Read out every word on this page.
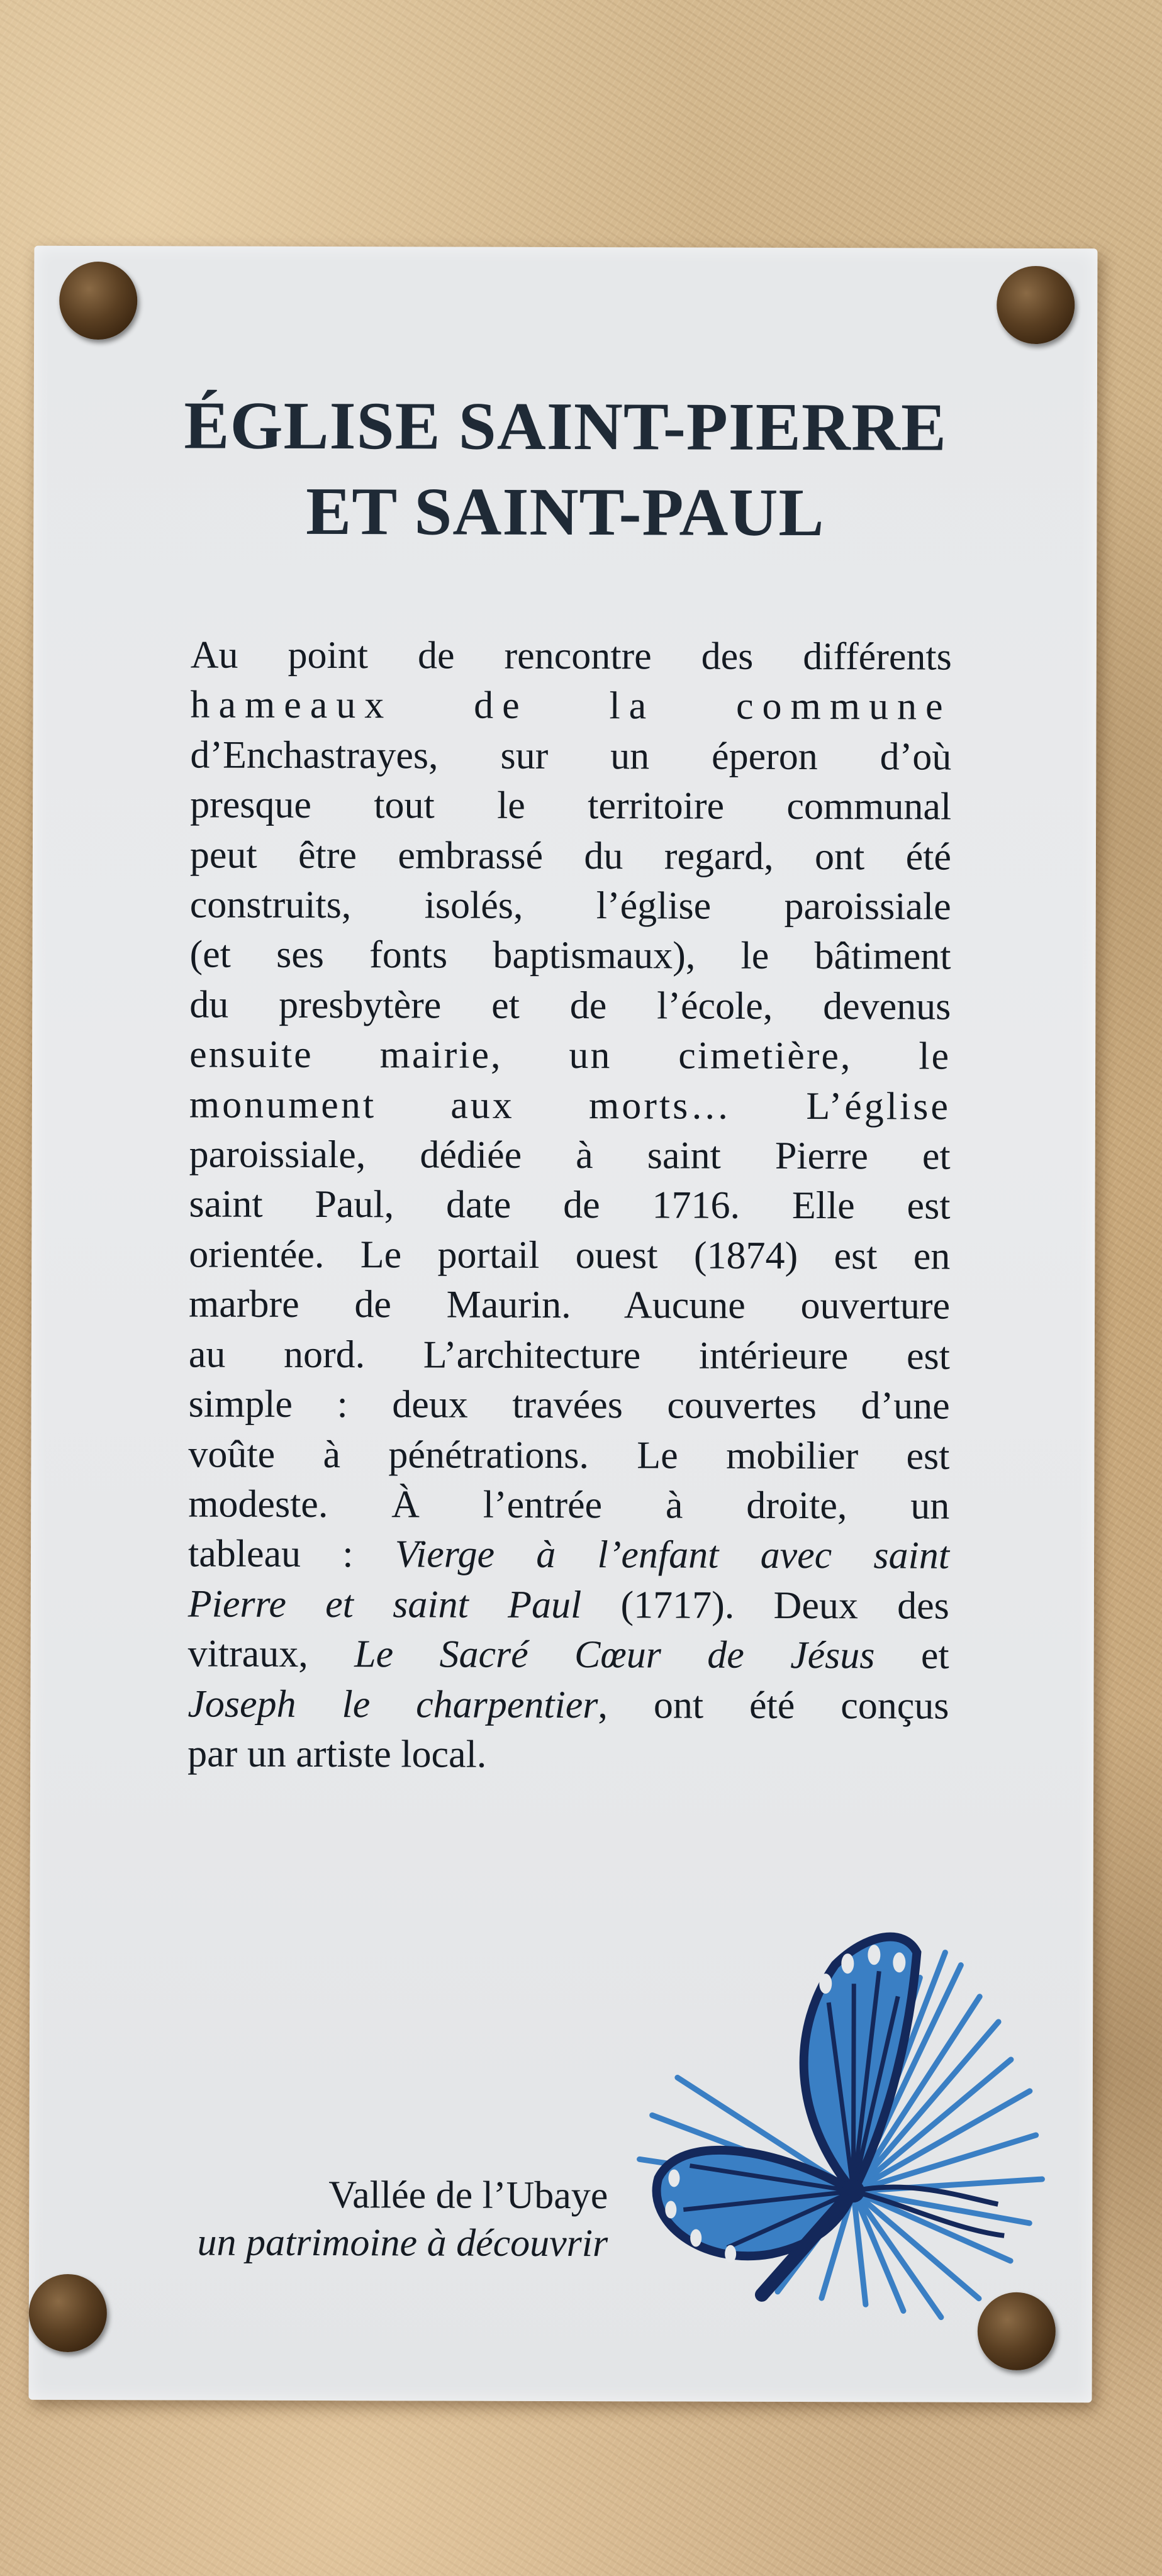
ÉGLISE SAINT-PIERRE
ET SAINT-PAUL
Au point de rencontre des différents
hameaux de la commune
d’Enchastrayes, sur un éperon d’où
presque tout le territoire communal
peut être embrassé du regard, ont été
construits, isolés, l’église paroissiale
(et ses fonts baptismaux), le bâtiment
du presbytère et de l’école, devenus
ensuite mairie, un cimetière, le
monument aux morts… L’église
paroissiale, dédiée à saint Pierre et
saint Paul, date de 1716. Elle est
orientée. Le portail ouest (1874) est en
marbre de Maurin. Aucune ouverture
au nord. L’architecture intérieure est
simple : deux travées couvertes d’une
voûte à pénétrations. Le mobilier est
modeste. À l’entrée à droite, un
tableau : Vierge à l’enfant avec saint
Pierre et saint Paul (1717). Deux des
vitraux, Le Sacré Cœur de Jésus et
Joseph le charpentier, ont été conçus
par un artiste local.
Vallée de l’Ubaye
un patrimoine à découvrir
